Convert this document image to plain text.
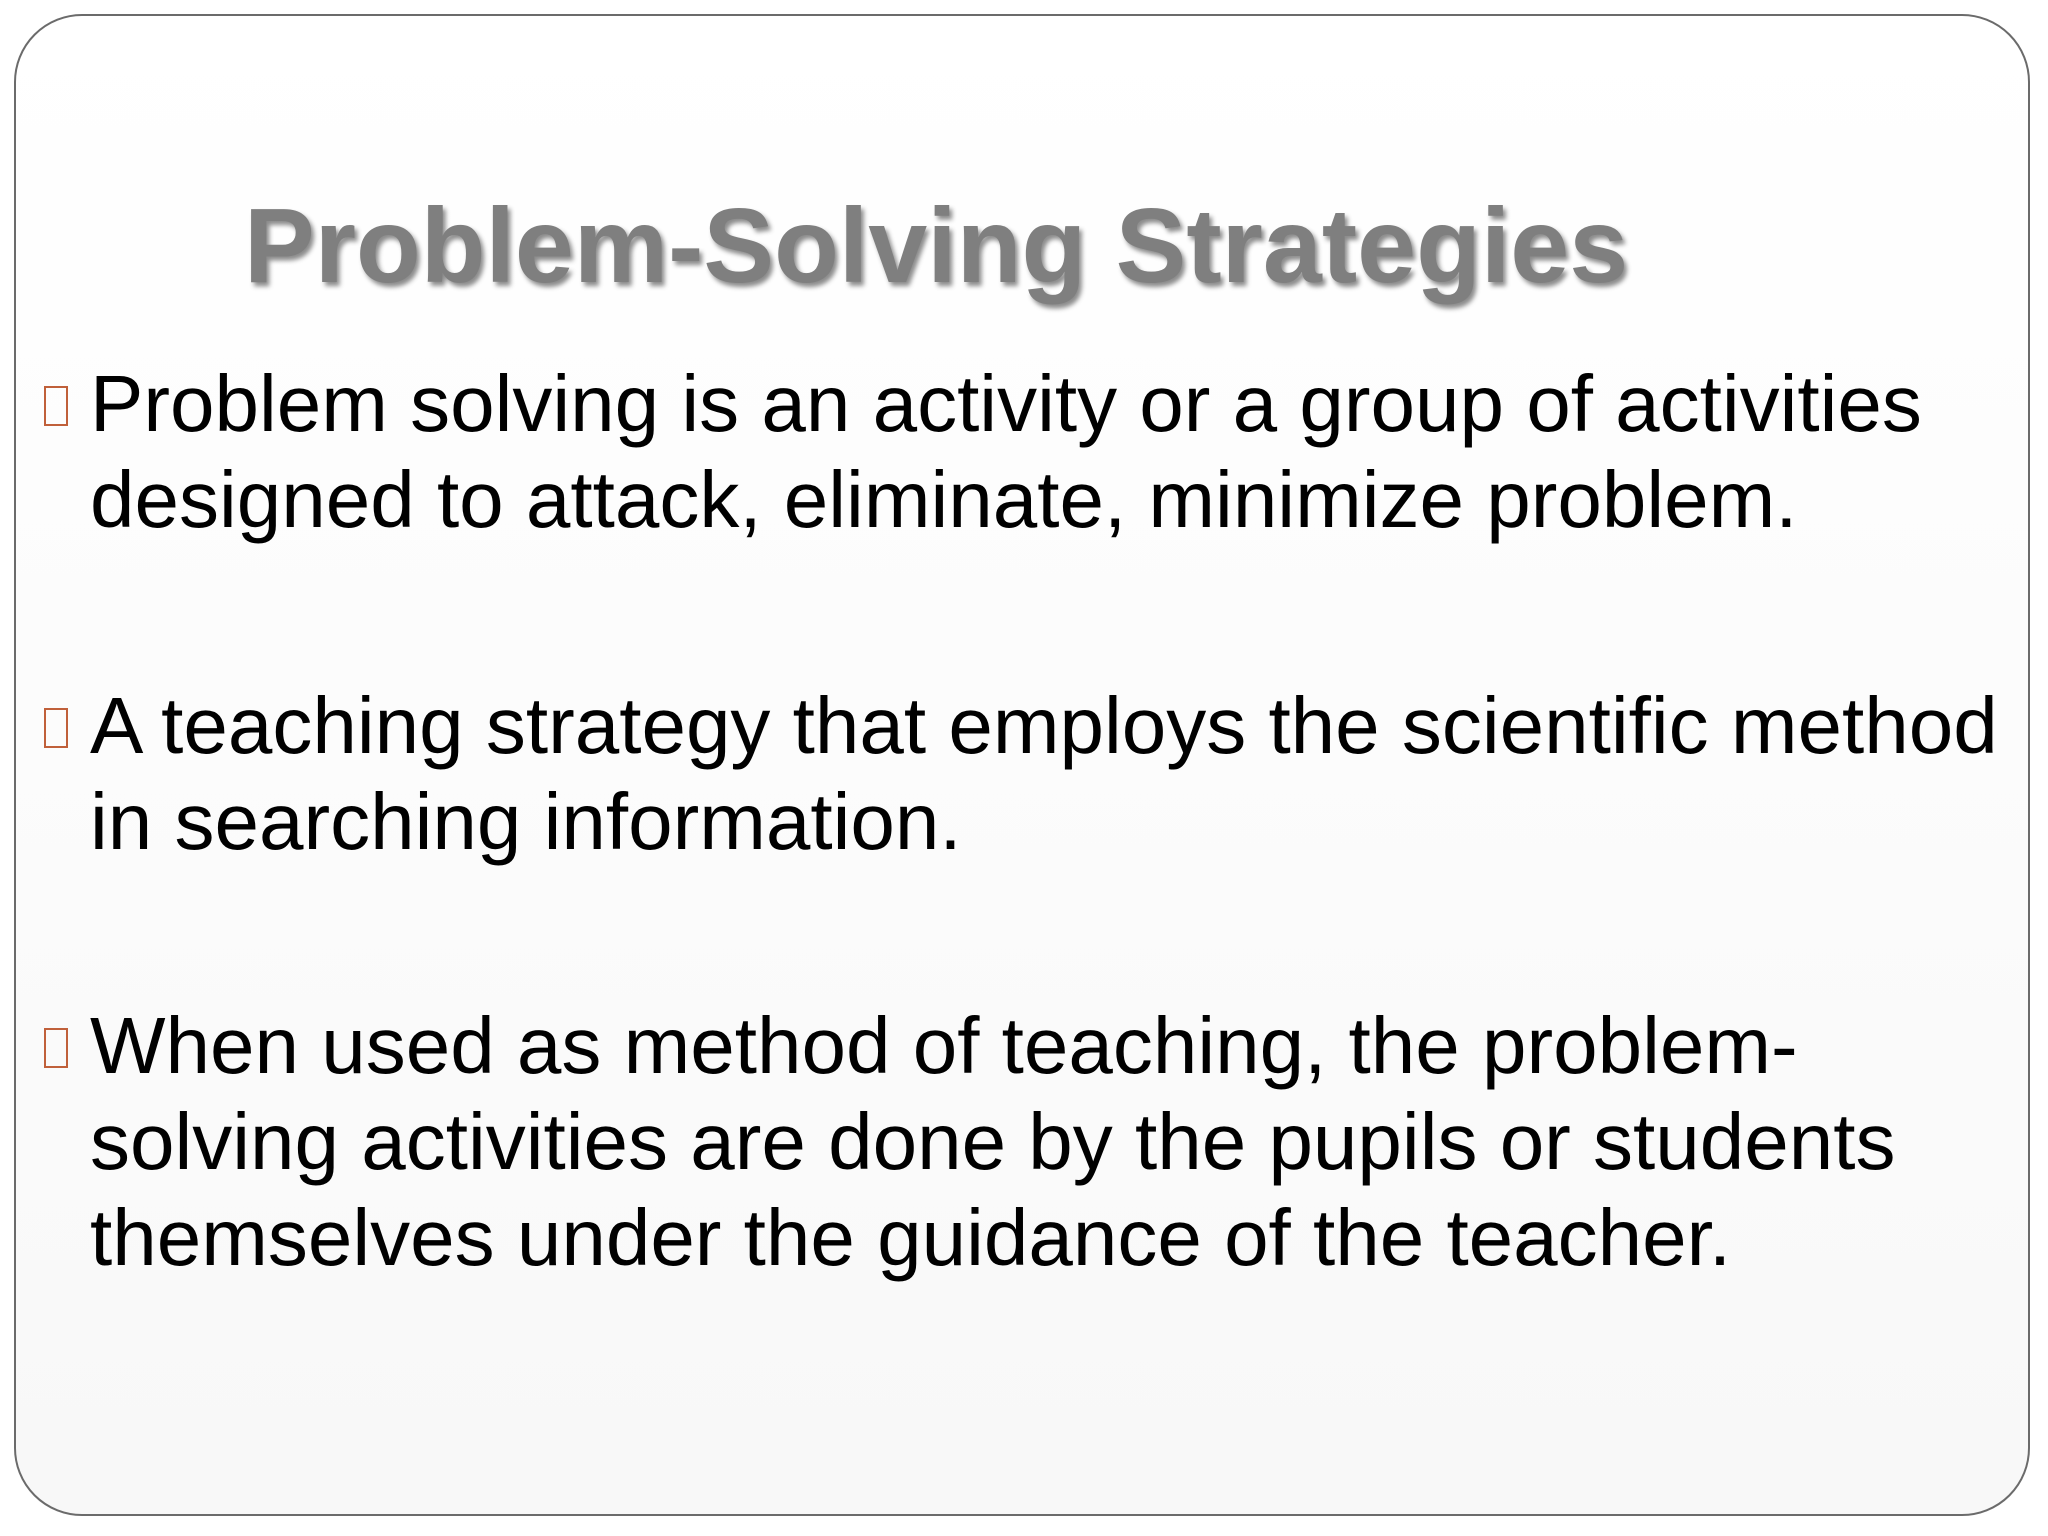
Problem-Solving Strategies
Problem solving is an activity or a group of activities
designed to attack, eliminate, minimize problem.
A teaching strategy that employs the scientific method
in searching information.
When used as method of teaching, the problem-
solving activities are done by the pupils or students
themselves under the guidance of the teacher.
